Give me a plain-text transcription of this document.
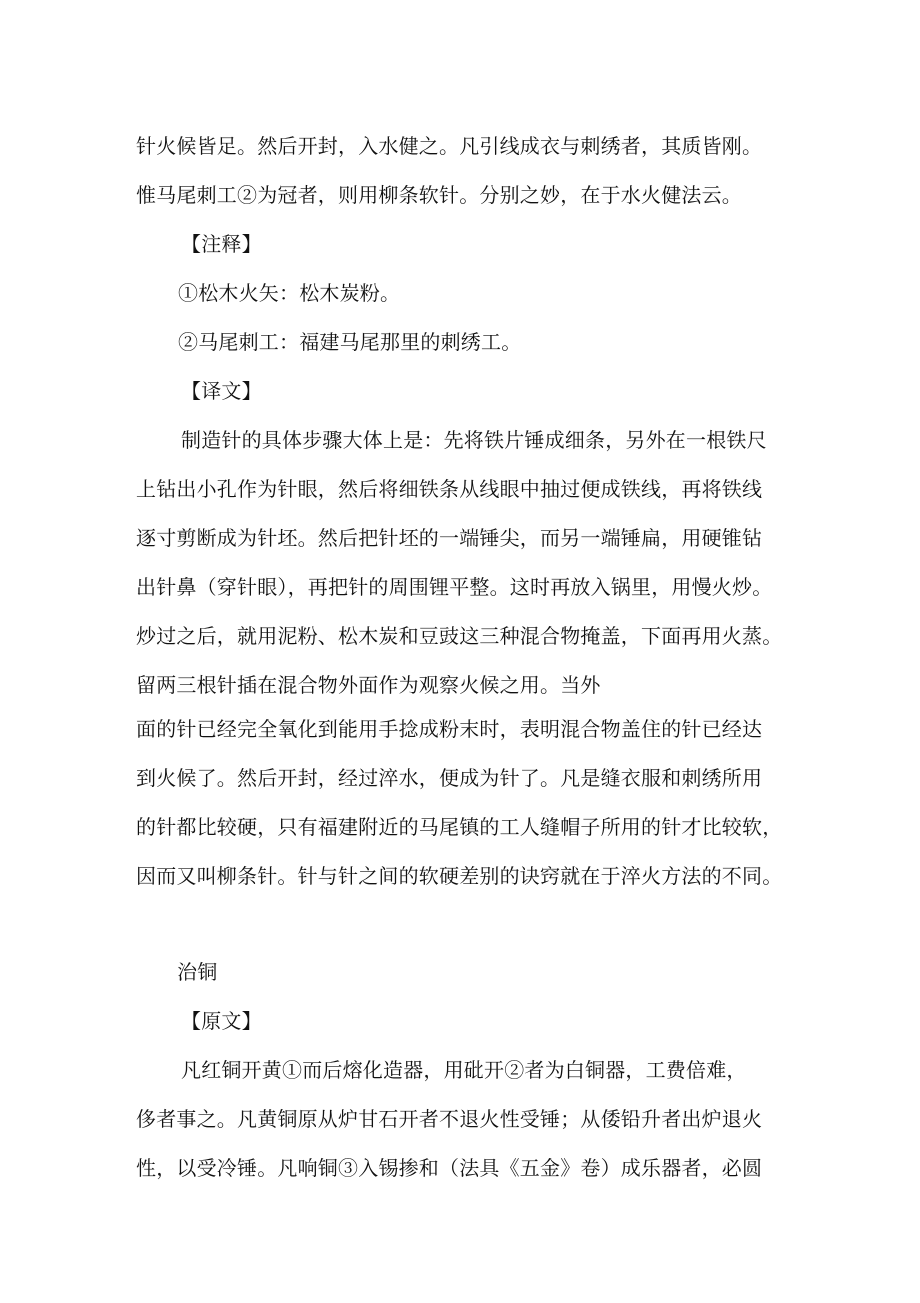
针火候皆足。然后开封，入水健之。凡引线成衣与刺绣者，其质皆刚。
惟马尾刺工②为冠者，则用柳条软针。分别之妙，在于水火健法云。
【注释】
①松木火矢：松木炭粉。
②马尾刺工：福建马尾那里的刺绣工。
【译文】
制造针的具体步骤大体上是：先将铁片锤成细条，另外在一根铁尺
上钻出小孔作为针眼，然后将细铁条从线眼中抽过便成铁线，再将铁线
逐寸剪断成为针坯。然后把针坯的一端锤尖，而另一端锤扁，用硬锥钻
出针鼻（穿针眼），再把针的周围锂平整。这时再放入锅里，用慢火炒。
炒过之后，就用泥粉、松木炭和豆豉这三种混合物掩盖，下面再用火蒸。
留两三根针插在混合物外面作为观察火候之用。当外
面的针已经完全氧化到能用手捻成粉末时，表明混合物盖住的针已经达
到火候了。然后开封，经过淬水，便成为针了。凡是缝衣服和刺绣所用
的针都比较硬，只有福建附近的马尾镇的工人缝帽子所用的针才比较软，
因而又叫柳条针。针与针之间的软硬差别的诀窍就在于淬火方法的不同。
治铜
【原文】
凡红铜开黄①而后熔化造器，用砒开②者为白铜器，工费倍难，
侈者事之。凡黄铜原从炉甘石开者不退火性受锤；从倭铅升者出炉退火
性，以受冷锤。凡响铜③入锡掺和（法具《五金》卷）成乐器者，必圆
